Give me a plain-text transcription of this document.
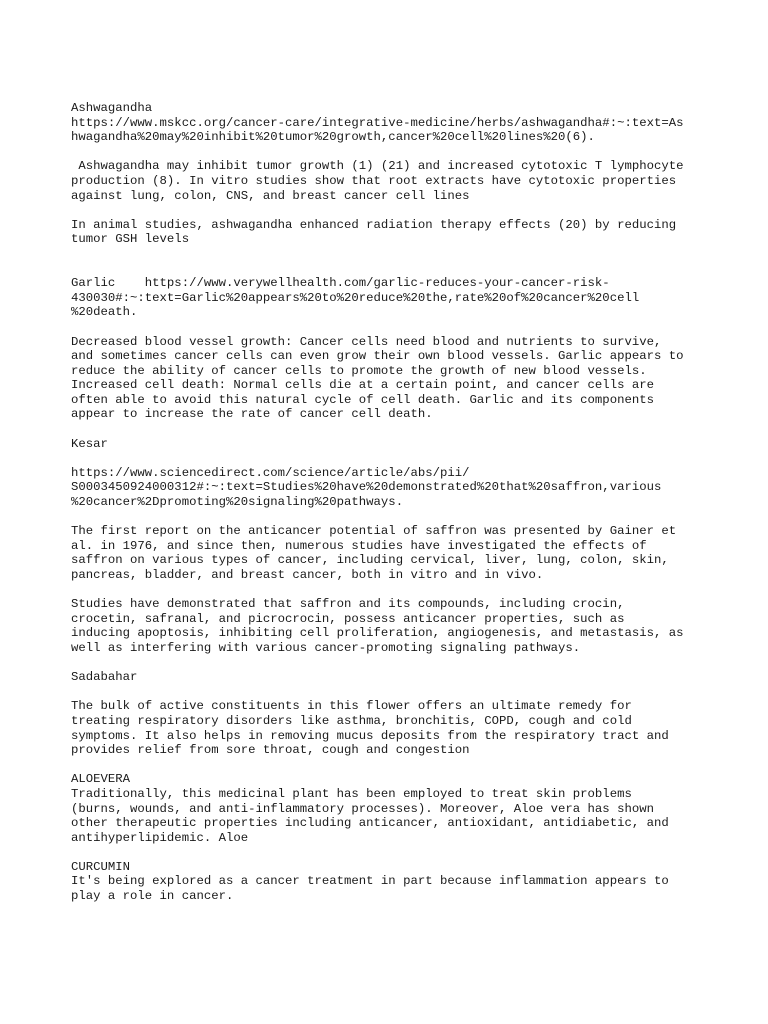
Ashwagandha
https://www.mskcc.org/cancer-care/integrative-medicine/herbs/ashwagandha#:~:text=As
hwagandha%20may%20inhibit%20tumor%20growth,cancer%20cell%20lines%20(6).
Ashwagandha may inhibit tumor growth (1) (21) and increased cytotoxic T lymphocyte
production (8). In vitro studies show that root extracts have cytotoxic properties
against lung, colon, CNS, and breast cancer cell lines
In animal studies, ashwagandha enhanced radiation therapy effects (20) by reducing
tumor GSH levels
Garlic    https://www.verywellhealth.com/garlic-reduces-your-cancer-risk-
430030#:~:text=Garlic%20appears%20to%20reduce%20the,rate%20of%20cancer%20cell
%20death.
Decreased blood vessel growth: Cancer cells need blood and nutrients to survive,
and sometimes cancer cells can even grow their own blood vessels. Garlic appears to
reduce the ability of cancer cells to promote the growth of new blood vessels.
Increased cell death: Normal cells die at a certain point, and cancer cells are
often able to avoid this natural cycle of cell death. Garlic and its components
appear to increase the rate of cancer cell death.
Kesar
https://www.sciencedirect.com/science/article/abs/pii/
S0003450924000312#:~:text=Studies%20have%20demonstrated%20that%20saffron,various
%20cancer%2Dpromoting%20signaling%20pathways.
The first report on the anticancer potential of saffron was presented by Gainer et
al. in 1976, and since then, numerous studies have investigated the effects of
saffron on various types of cancer, including cervical, liver, lung, colon, skin,
pancreas, bladder, and breast cancer, both in vitro and in vivo.
Studies have demonstrated that saffron and its compounds, including crocin,
crocetin, safranal, and picrocrocin, possess anticancer properties, such as
inducing apoptosis, inhibiting cell proliferation, angiogenesis, and metastasis, as
well as interfering with various cancer-promoting signaling pathways.
Sadabahar
The bulk of active constituents in this flower offers an ultimate remedy for
treating respiratory disorders like asthma, bronchitis, COPD, cough and cold
symptoms. It also helps in removing mucus deposits from the respiratory tract and
provides relief from sore throat, cough and congestion
ALOEVERA
Traditionally, this medicinal plant has been employed to treat skin problems
(burns, wounds, and anti-inflammatory processes). Moreover, Aloe vera has shown
other therapeutic properties including anticancer, antioxidant, antidiabetic, and
antihyperlipidemic. Aloe
CURCUMIN
It's being explored as a cancer treatment in part because inflammation appears to
play a role in cancer.
